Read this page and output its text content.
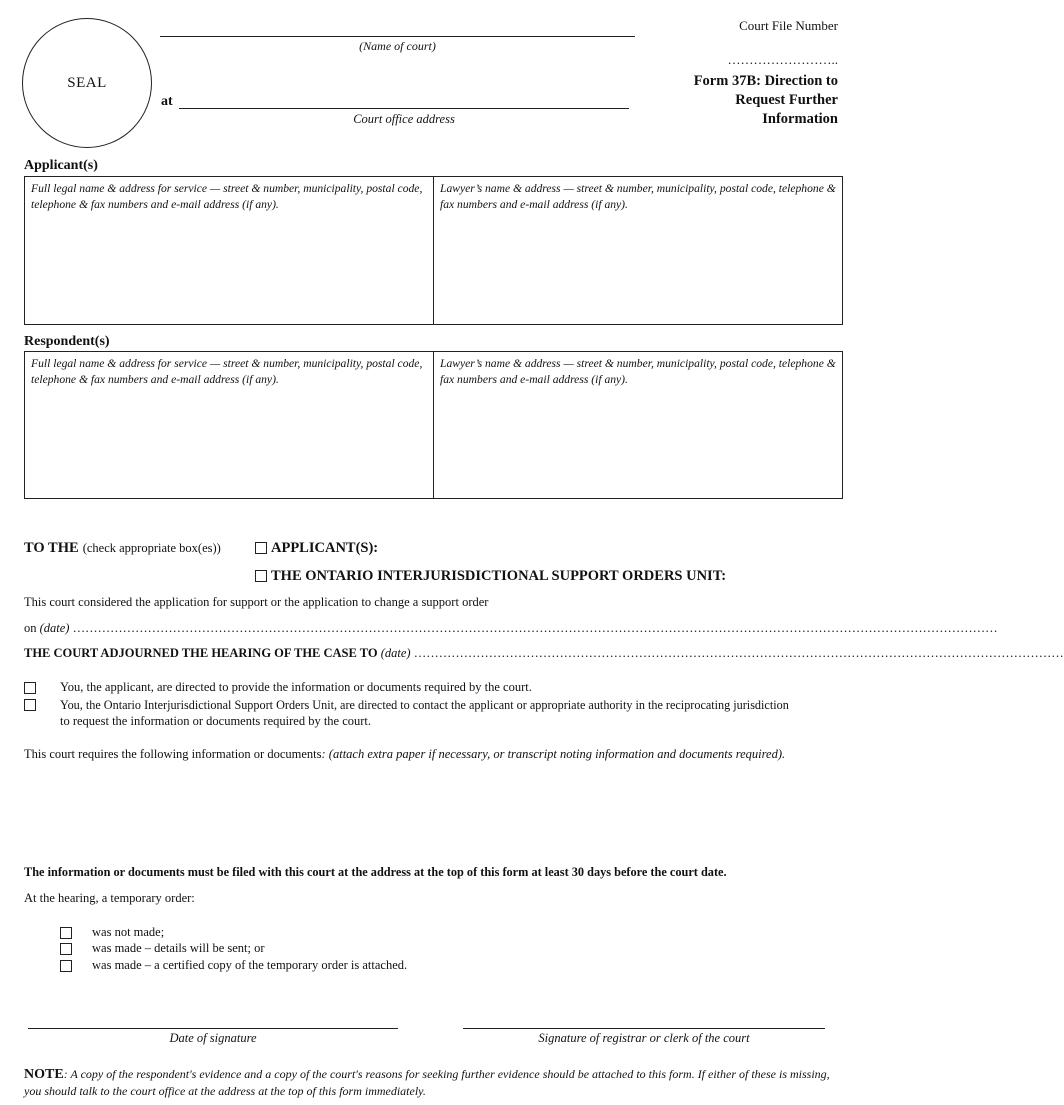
SEAL
(Name of court)
at
Court office address
Court File Number
……………………..
Form 37B: Direction to
Request Further
Information
Applicant(s)
Full legal name & address for service — street & number, municipality, postal code, telephone & fax numbers and e-mail address (if any).
Lawyer’s name & address — street & number, municipality, postal code, telephone & fax numbers and e-mail address (if any).
Respondent(s)
Full legal name & address for service — street & number, municipality, postal code, telephone & fax numbers and e-mail address (if any).
Lawyer’s name & address — street & number, municipality, postal code, telephone & fax numbers and e-mail address (if any).
TO THE (check appropriate box(es))	APPLICANT(S):
THE ONTARIO INTERJURISDICTIONAL SUPPORT ORDERS UNIT:
This court considered the application for support or the application to change a support order
on (date) ……………………………………………………………………………………………………………………………………………………………………………………………………
THE COURT ADJOURNED THE HEARING OF THE CASE TO (date) …………………………………………………………………………………………………………………………………………
You, the applicant, are directed to provide the information or documents required by the court.
You, the Ontario Interjurisdictional Support Orders Unit, are directed to contact the applicant or appropriate authority in the reciprocating jurisdiction
to request the information or documents required by the court.
This court requires the following information or documents: (attach extra paper if necessary, or transcript noting information and documents required).
The information or documents must be filed with this court at the address at the top of this form at least 30 days before the court date.
At the hearing, a temporary order:
was not made;
was made – details will be sent; or
was made – a certified copy of the temporary order is attached.
Date of signature	Signature of registrar or clerk of the court
NOTE: A copy of the respondent's evidence and a copy of the court's reasons for seeking further evidence should be attached to this form. If either of these is missing, you should talk to the court office at the address at the top of this form immediately.
